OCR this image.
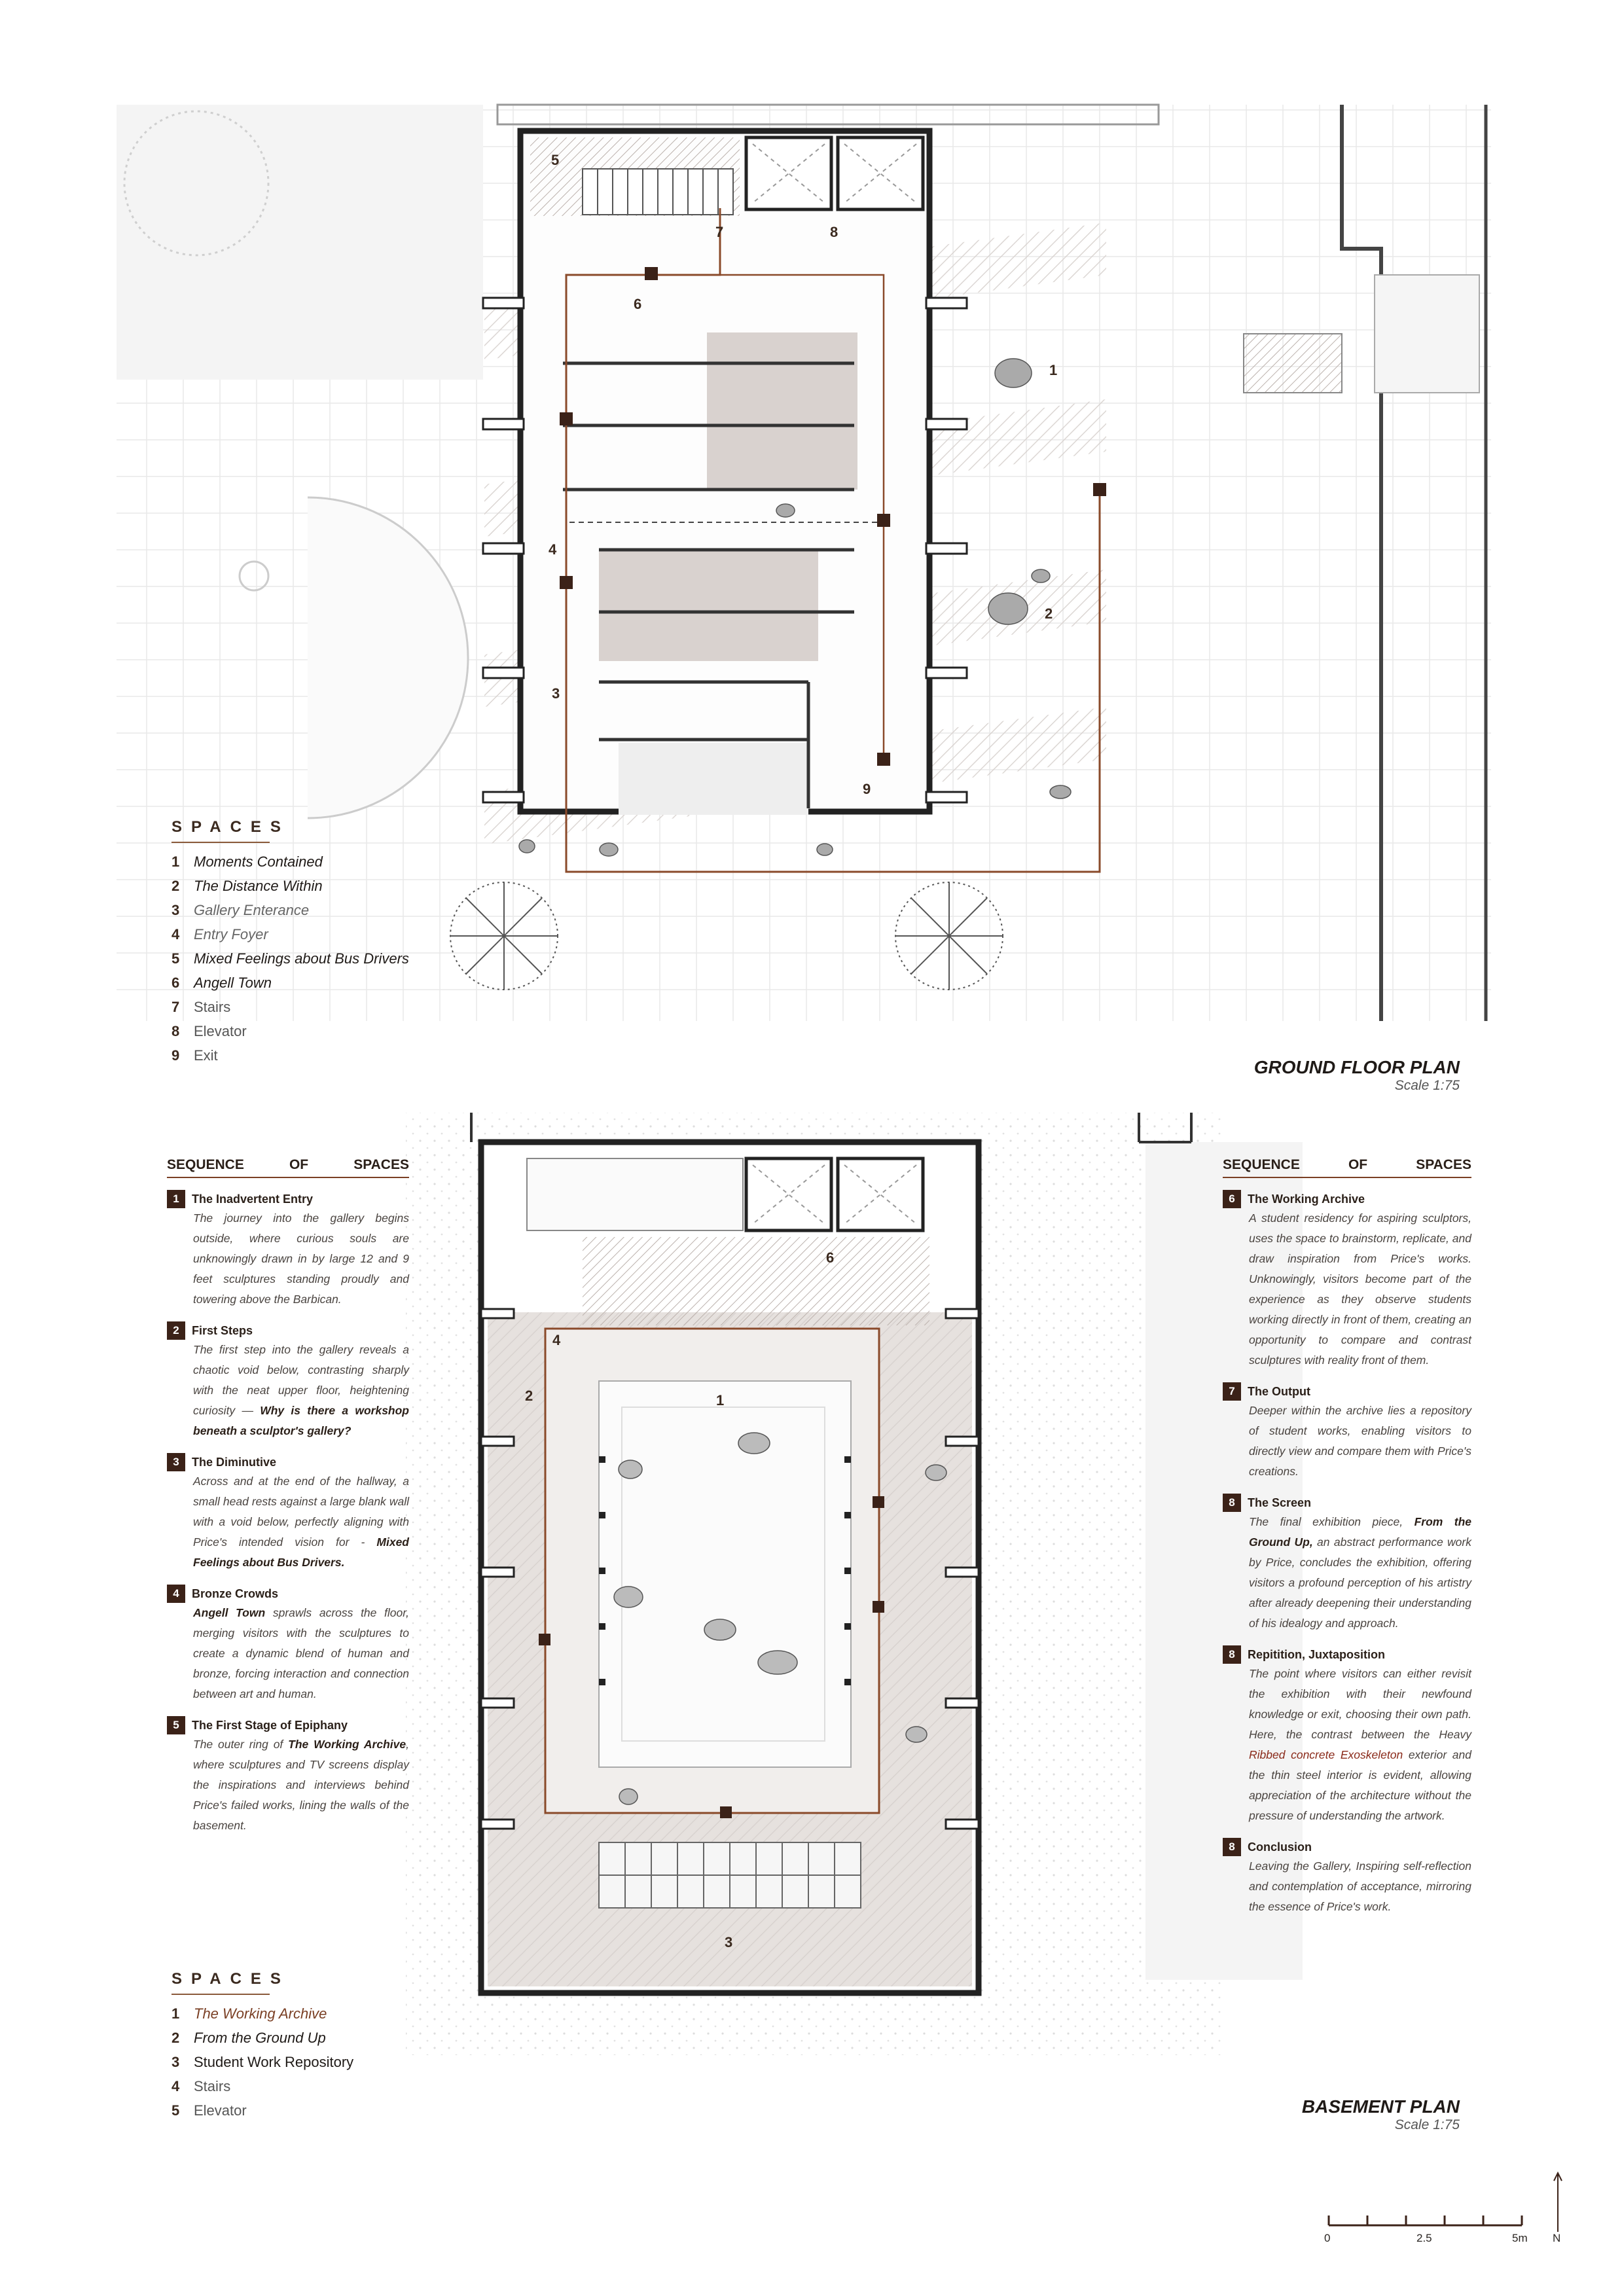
1
2
3
4
5
6
7	8
9
1
2
3
4
6
0	2.5	5m N
SPACES
1 Moments Contained
2 The Distance Within
3 Gallery Enterance
4 Entry Foyer
5 Mixed Feelings about Bus Drivers
6 Angell Town
7 Stairs
8 Elevator
9 Exit
GROUND FLOOR PLAN
Scale 1:75
SEQUENCE	OF	SPACES
1	The Inadvertent Entry
The journey into the gallery begins outside, where curious souls are unknowingly drawn in by large 12 and 9 feet sculptures standing proudly and towering above the Barbican.
2	First Steps
The first step into the gallery reveals a chaotic void below, contrasting sharply with the neat upper floor, heightening curiosity — Why is there a workshop beneath a sculptor's gallery?
3	The Diminutive
Across and at the end of the hallway, a small head rests against a large blank wall with a void below, perfectly aligning with Price's intended vision for - Mixed Feelings about Bus Drivers.
4	Bronze Crowds
Angell Town sprawls across the floor, merging visitors with the sculptures to create a dynamic blend of human and bronze, forcing interaction and connection between art and human.
5	The First Stage of Epiphany
The outer ring of The Working Archive, where sculptures and TV screens display the inspirations and interviews behind Price's failed works, lining the walls of the basement.
SEQUENCE	OF	SPACES
6	The Working Archive
A student residency for aspiring sculptors, uses the space to brainstorm, replicate, and draw inspiration from Price's works. Unknowingly, visitors become part of the experience as they observe students working directly in front of them, creating an opportunity to compare and contrast sculptures with reality front of them.
7	The Output
Deeper within the archive lies a repository of student works, enabling visitors to directly view and compare them with Price's creations.
8	The Screen
The final exhibition piece, From the Ground Up, an abstract performance work by Price, concludes the exhibition, offering visitors a profound perception of his artistry after already deepening their understanding of his idealogy and approach.
8	Repitition, Juxtaposition
The point where visitors can either revisit the exhibition with their newfound knowledge or exit, choosing their own path. Here, the contrast between the Heavy Ribbed concrete Exoskeleton exterior and the thin steel interior is evident, allowing appreciation of the architecture without the pressure of understanding the artwork.
8	Conclusion
Leaving the Gallery, Inspiring self-reflection and contemplation of acceptance, mirroring the essence of Price's work.
SPACES
1 The Working Archive
2 From the Ground Up
3 Student Work Repository
4 Stairs
5 Elevator	BASEMENT PLAN
Scale 1:75
